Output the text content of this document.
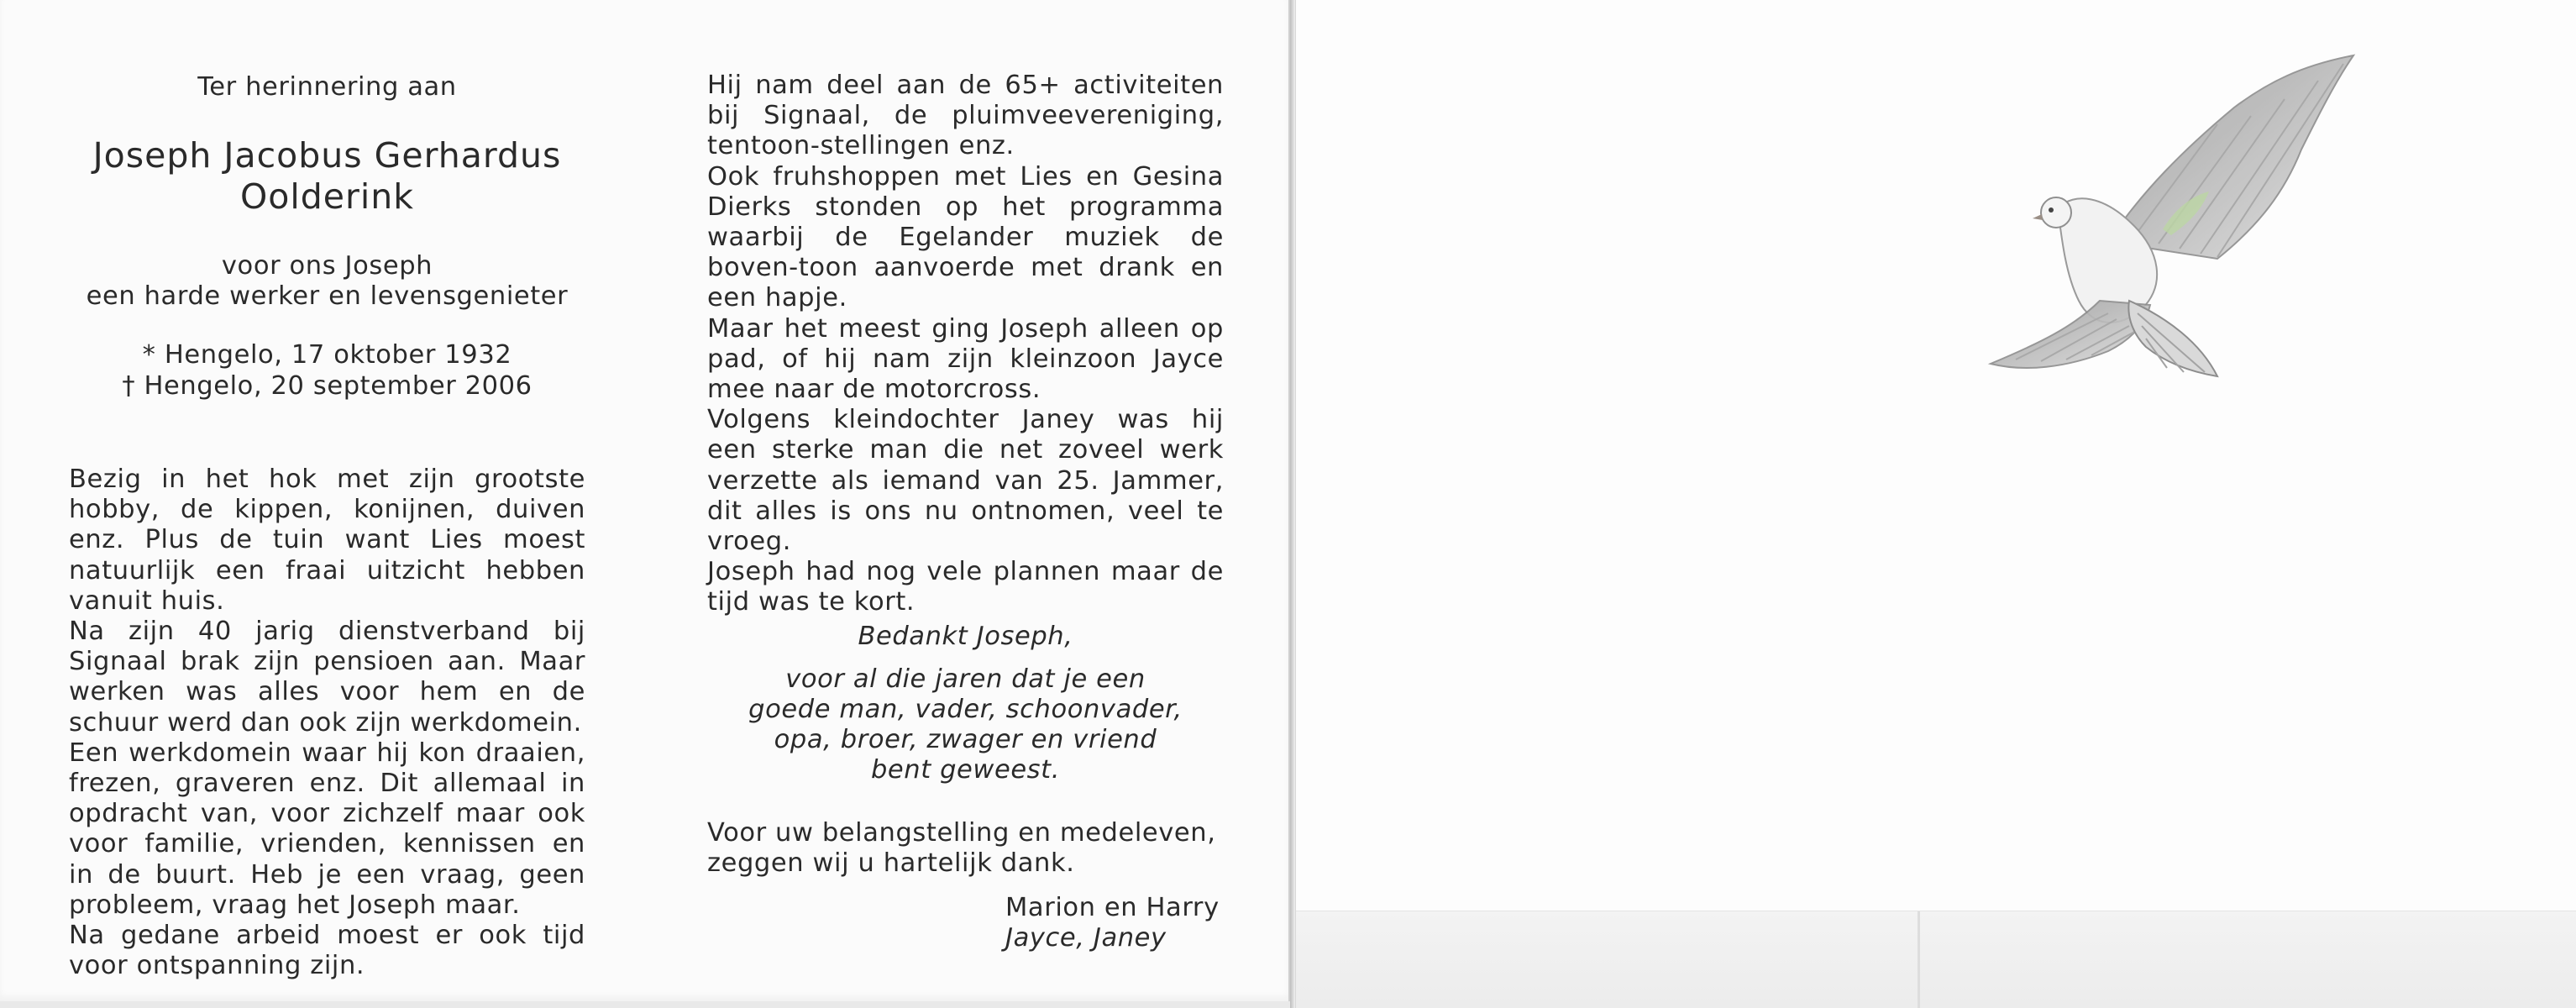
Ter herinnering aan
Joseph Jacobus Gerhardus
Oolderink
voor ons Joseph
een harde werker en levensgenieter
* Hengelo, 17 oktober 1932
† Hengelo, 20 september 2006

Bezig in het hok met zijn grootste hobby, de kippen, konijnen, duiven enz. Plus de tuin want Lies moest natuurlijk een fraai uitzicht hebben vanuit huis.

Na zijn 40 jarig dienstverband bij Signaal brak zijn pensioen aan. Maar werken was alles voor hem en de schuur werd dan ook zijn werkdomein.

Een werkdomein waar hij kon draaien, frezen, graveren enz. Dit allemaal in opdracht van, voor zichzelf maar ook voor familie, vrienden, kennissen en in de buurt. Heb je een vraag, geen probleem, vraag het Joseph maar.

Na gedane arbeid moest er ook tijd voor ontspanning zijn.

Hij nam deel aan de 65+ activiteiten bij Signaal, de pluimveevereniging, tentoon-stellingen enz.

Ook fruhshoppen met Lies en Gesina Dierks stonden op het programma waarbij de Egelander muziek de boven-toon aanvoerde met drank en een hapje.

Maar het meest ging Joseph alleen op pad, of hij nam zijn kleinzoon Jayce mee naar de motorcross.

Volgens kleindochter Janey was hij een sterke man die net zoveel werk verzette als iemand van 25. Jammer, dit alles is ons nu ontnomen, veel te vroeg.

Joseph had nog vele plannen maar de tijd was te kort.

Bedankt Joseph,
voor al die jaren dat je een
goede man, vader, schoonvader,
opa, broer, zwager en vriend
bent geweest.
Voor uw belangstelling en medeleven,
zeggen wij u hartelijk dank.
Marion en Harry
Jayce, Janey
